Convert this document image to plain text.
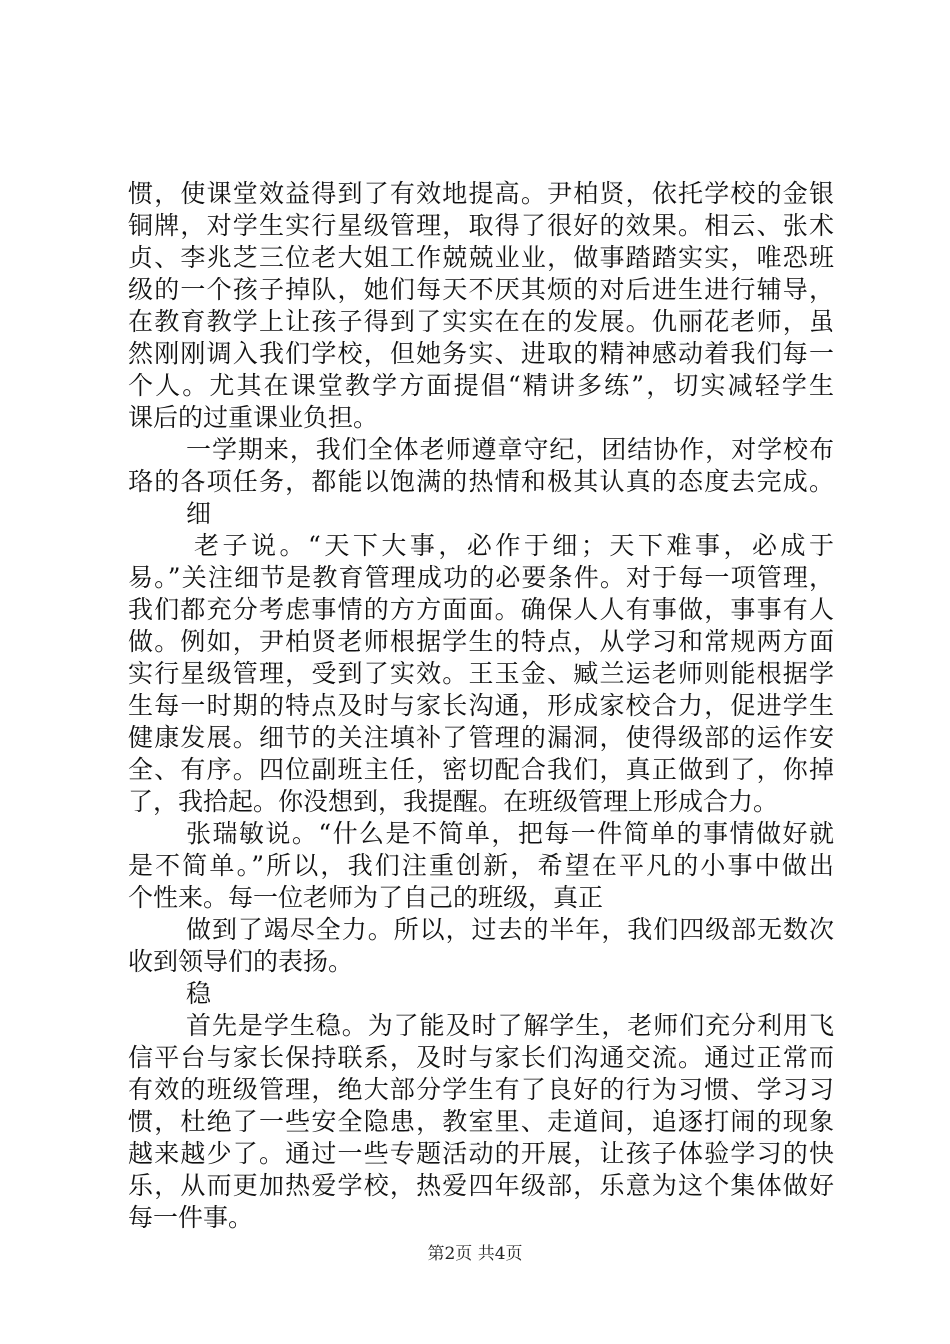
惯，使课堂效益得到了有效地提高。尹柏贤，依托学校的金银
铜牌，对学生实行星级管理，取得了很好的效果。相云、张术
贞、李兆芝三位老大姐工作兢兢业业，做事踏踏实实，唯恐班
级的一个孩子掉队，她们每天不厌其烦的对后进生进行辅导，
在教育教学上让孩子得到了实实在在的发展。仇丽花老师，虽
然刚刚调入我们学校，但她务实、进取的精神感动着我们每一
个人。尤其在课堂教学方面提倡“精讲多练”，切实减轻学生
课后的过重课业负担。
一学期来，我们全体老师遵章守纪，团结协作，对学校布
珞的各项任务，都能以饱满的热情和极其认真的态度去完成。
细
老子说。“天下大事，必作于细；天下难事，必成于
易。”关注细节是教育管理成功的必要条件。对于每一项管理，
我们都充分考虑事情的方方面面。确保人人有事做，事事有人
做。例如，尹柏贤老师根据学生的特点，从学习和常规两方面
实行星级管理，受到了实效。王玉金、臧兰运老师则能根据学
生每一时期的特点及时与家长沟通，形成家校合力，促进学生
健康发展。细节的关注填补了管理的漏洞，使得级部的运作安
全、有序。四位副班主任，密切配合我们，真正做到了，你掉
了，我拾起。你没想到，我提醒。在班级管理上形成合力。
张瑞敏说。“什么是不简单，把每一件简单的事情做好就
是不简单。”所以，我们注重创新，希望在平凡的小事中做出
个性来。每一位老师为了自己的班级，真正
做到了竭尽全力。所以，过去的半年，我们四级部无数次
收到领导们的表扬。
稳
首先是学生稳。为了能及时了解学生，老师们充分利用飞
信平台与家长保持联系，及时与家长们沟通交流。通过正常而
有效的班级管理，绝大部分学生有了良好的行为习惯、学习习
惯，杜绝了一些安全隐患，教室里、走道间，追逐打闹的现象
越来越少了。通过一些专题活动的开展，让孩子体验学习的快
乐，从而更加热爱学校，热爱四年级部，乐意为这个集体做好
每一件事。
第2页 共4页
